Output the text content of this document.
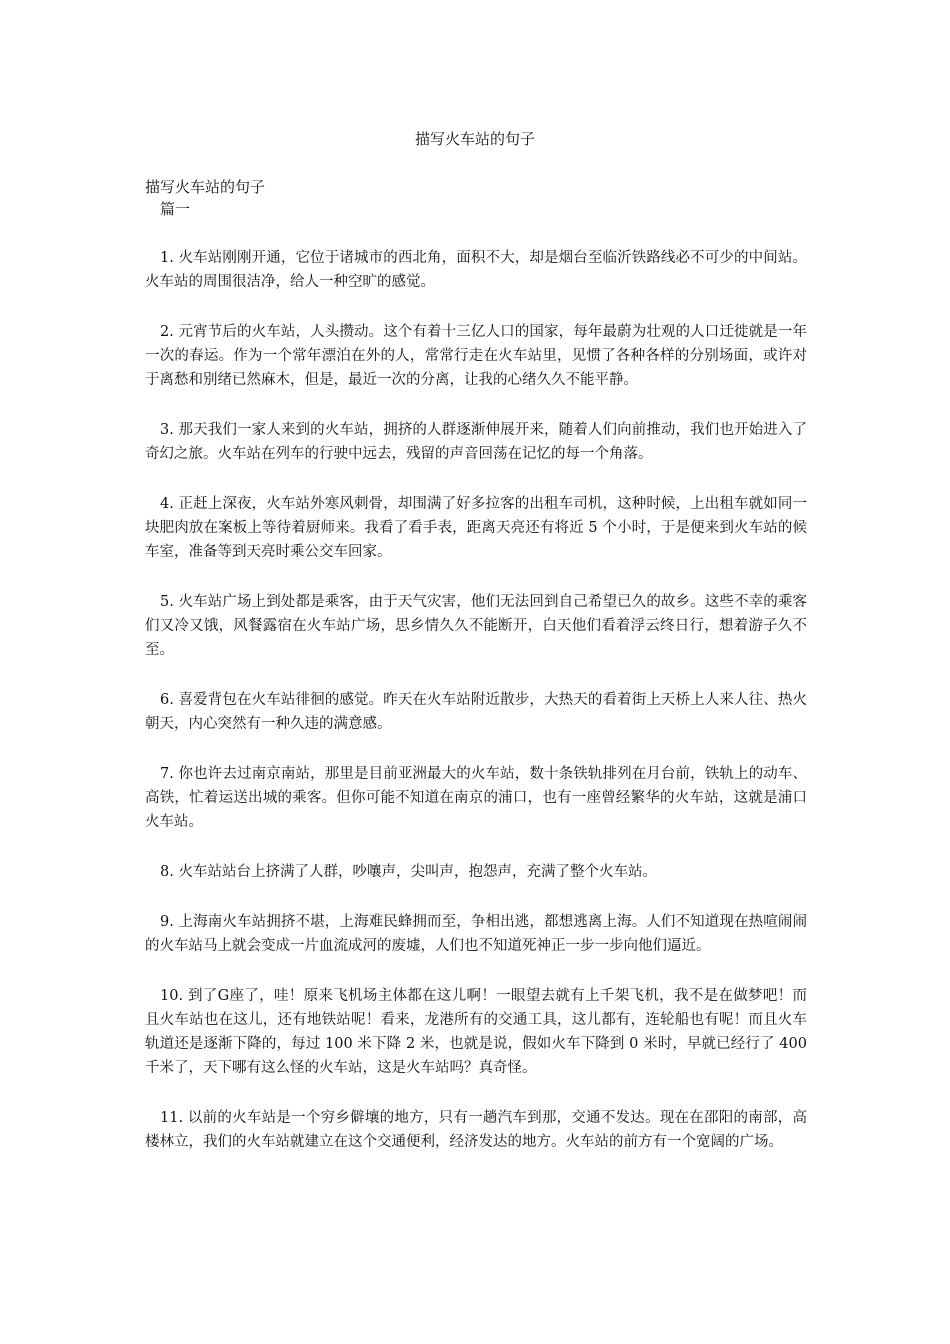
描写火车站的句子

描写火车站的句子

篇一

1. 火车站刚刚开通，它位于诸城市的西北角，面积不大，却是烟台至临沂铁路线必不可少的中间站。火车站的周围很洁净，给人一种空旷的感觉。

2. 元宵节后的火车站，人头攒动。这个有着十三亿人口的国家，每年最蔚为壮观的人口迁徙就是一年一次的春运。作为一个常年漂泊在外的人，常常行走在火车站里，见惯了各种各样的分别场面，或许对于离愁和别绪已然麻木，但是，最近一次的分离，让我的心绪久久不能平静。

3. 那天我们一家人来到的火车站，拥挤的人群逐渐伸展开来，随着人们向前推动，我们也开始进入了奇幻之旅。火车站在列车的行驶中远去，残留的声音回荡在记忆的每一个角落。

4. 正赶上深夜，火车站外寒风刺骨，却围满了好多拉客的出租车司机，这种时候，上出租车就如同一块肥肉放在案板上等待着厨师来。我看了看手表，距离天亮还有将近 5 个小时，于是便来到火车站的候车室，准备等到天亮时乘公交车回家。

5. 火车站广场上到处都是乘客，由于天气灾害，他们无法回到自己希望已久的故乡。这些不幸的乘客们又冷又饿，风餐露宿在火车站广场，思乡情久久不能断开，白天他们看着浮云终日行，想着游子久不至。

6. 喜爱背包在火车站徘徊的感觉。昨天在火车站附近散步，大热天的看着街上天桥上人来人往、热火朝天，内心突然有一种久违的满意感。

7. 你也许去过南京南站，那里是目前亚洲最大的火车站，数十条铁轨排列在月台前，铁轨上的动车、高铁，忙着运送出城的乘客。但你可能不知道在南京的浦口，也有一座曾经繁华的火车站，这就是浦口火车站。

8. 火车站站台上挤满了人群，吵嚷声，尖叫声，抱怨声，充满了整个火车站。

9. 上海南火车站拥挤不堪，上海难民蜂拥而至，争相出逃，都想逃离上海。人们不知道现在热喧闹闹的火车站马上就会变成一片血流成河的废墟，人们也不知道死神正一步一步向他们逼近。

10. 到了G座了，哇！原来飞机场主体都在这儿啊！一眼望去就有上千架飞机，我不是在做梦吧！而且火车站也在这儿，还有地铁站呢！看来，龙港所有的交通工具，这儿都有，连轮船也有呢！而且火车轨道还是逐渐下降的，每过 100 米下降 2 米，也就是说，假如火车下降到 0 米时，早就已经行了 400 千米了，天下哪有这么怪的火车站，这是火车站吗？真奇怪。

11. 以前的火车站是一个穷乡僻壤的地方，只有一趟汽车到那，交通不发达。现在在邵阳的南部，高楼林立，我们的火车站就建立在这个交通便利，经济发达的地方。火车站的前方有一个宽阔的广场。
